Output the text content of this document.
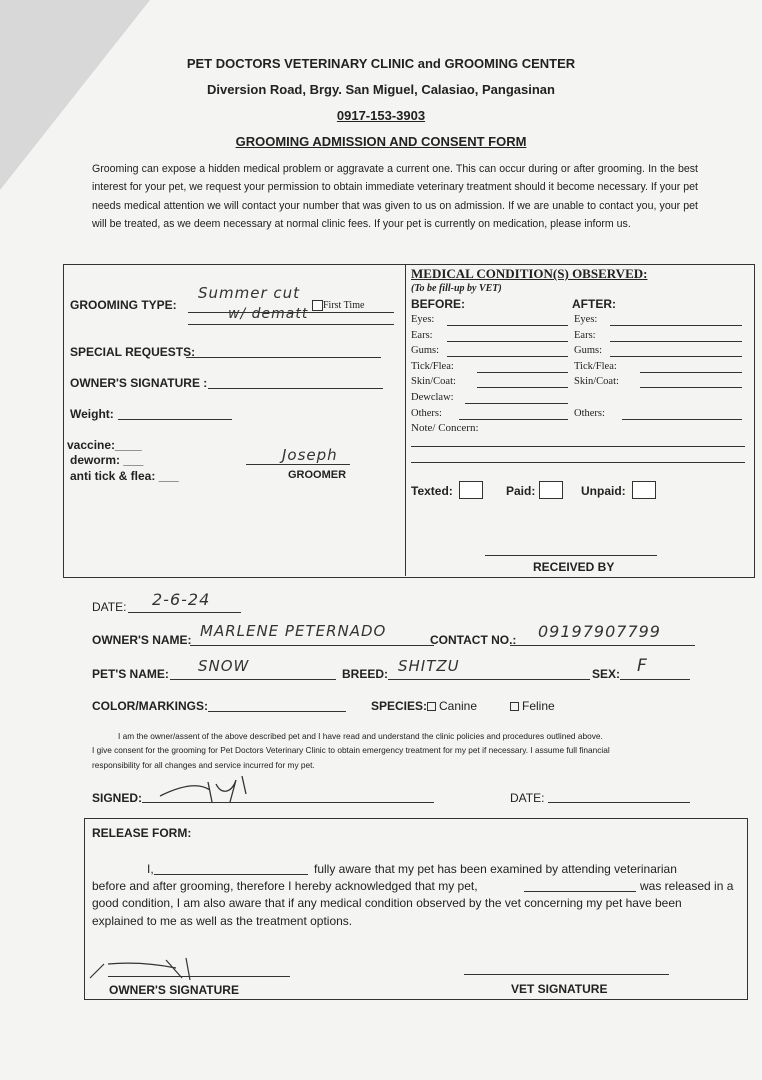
PET DOCTORS VETERINARY CLINIC and GROOMING CENTER
Diversion Road, Brgy. San Miguel, Calasiao, Pangasinan
0917-153-3903
GROOMING ADMISSION AND CONSENT FORM
Grooming can expose a hidden medical problem or aggravate a current one. This can occur during or after grooming. In the best interest for your pet, we request your permission to obtain immediate veterinary treatment should it become necessary. If your pet needs medical attention we will contact your number that was given to us on admission. If we are unable to contact you, your pet will be treated, as we deem necessary at normal clinic fees. If your pet is currently on medication, please inform us.
GROOMING TYPE:
Summer cut
First Time
w/ dematt
SPECIAL REQUESTS:
OWNER'S SIGNATURE :
Weight:
vaccine:____
deworm: ___
anti tick & flea: ___
Joseph
GROOMER
MEDICAL CONDITION(S) OBSERVED:
(To be fill-up by VET)
BEFORE:	AFTER:
Eyes:	Eyes:
Ears:	Ears:
Gums:	Gums:
Tick/Flea:	Tick/Flea:
Skin/Coat:	Skin/Coat:
Dewclaw:
Others:	Others:
Note/ Concern:
Texted:	Paid:	Unpaid:
RECEIVED BY
DATE: 2-6-24
OWNER'S NAME: MARLENE PETERNADO	CONTACT NO.: 09197907799
PET'S NAME: SNOW	BREED: SHITZU	SEX: F
COLOR/MARKINGS:	SPECIES: Canine	Feline
I am the owner/assent of the above described pet and I have read and understand the clinic policies and procedures outlined above.
I give consent for the grooming for Pet Doctors Veterinary Clinic to obtain emergency treatment for my pet if necessary. I assume full financial
responsibility for all changes and service incurred for my pet.
SIGNED:	DATE:
RELEASE FORM:
I,	fully aware that my pet has been examined by attending veterinarian
before and after grooming, therefore I hereby acknowledged that my pet,	was released in a
good condition, I am also aware that if any medical condition observed by the vet concerning my pet have been
explained to me as well as the treatment options.
OWNER'S SIGNATURE	VET SIGNATURE
